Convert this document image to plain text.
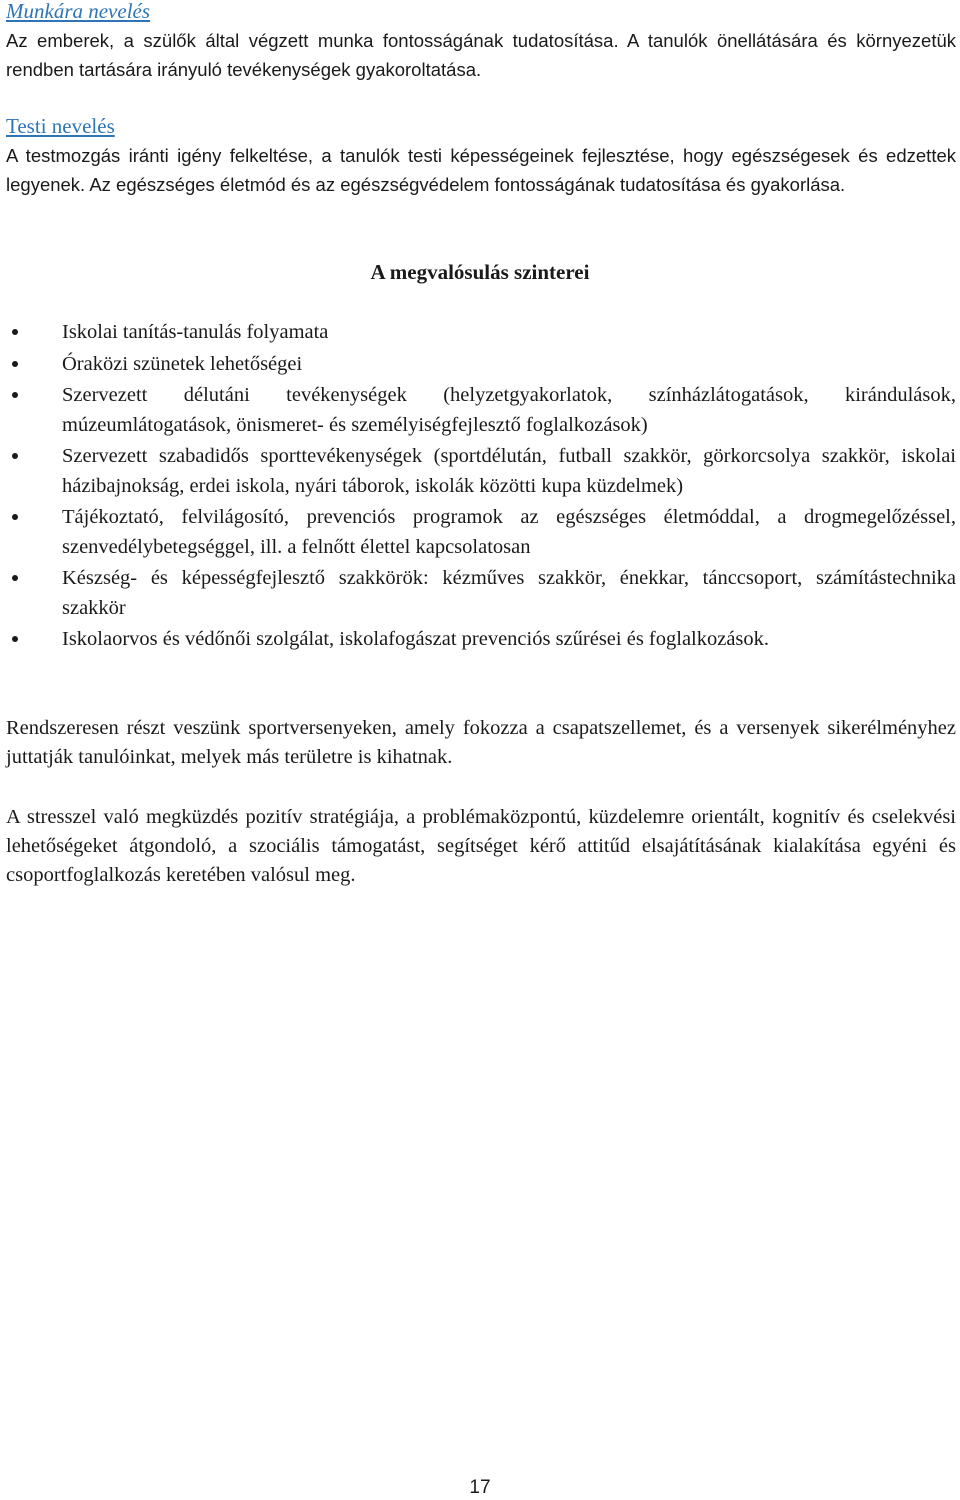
Munkára nevelés
Az emberek, a szülők által végzett munka fontosságának tudatosítása. A tanulók önellátására és környezetük rendben tartására irányuló tevékenységek gyakoroltatása.
Testi nevelés
A testmozgás iránti igény felkeltése, a tanulók testi képességeinek fejlesztése, hogy egészségesek és edzettek legyenek. Az egészséges életmód és az egészségvédelem fontosságának tudatosítása és gyakorlása.
A megvalósulás szinterei
Iskolai tanítás-tanulás folyamata
Óraközi szünetek lehetőségei
Szervezett délutáni tevékenységek (helyzetgyakorlatok, színházlátogatások, kirándulások, múzeumlátogatások, önismeret- és személyiségfejlesztő foglalkozások)
Szervezett szabadidős sporttevékenységek (sportdélután, futball szakkör, görkorcsolya szakkör, iskolai házibajnokság, erdei iskola, nyári táborok, iskolák közötti kupa küzdelmek)
Tájékoztató, felvilágosító, prevenciós programok az egészséges életmóddal, a drogmegelőzéssel, szenvedélybetegséggel, ill. a felnőtt élettel kapcsolatosan
Készség- és képességfejlesztő szakkörök: kézműves szakkör, énekkar, tánccsoport, számítástechnika szakkör
Iskolaorvos és védőnői szolgálat, iskolafogászat prevenciós szűrései és foglalkozások.
Rendszeresen részt veszünk sportversenyeken, amely fokozza a csapatszellemet, és a versenyek sikerélményhez juttatják tanulóinkat, melyek más területre is kihatnak.
A stresszel való megküzdés pozitív stratégiája, a problémaközpontú, küzdelemre orientált, kognitív és cselekvési lehetőségeket átgondoló, a szociális támogatást, segítséget kérő attitűd elsajátításának kialakítása egyéni és csoportfoglalkozás keretében valósul meg.
17
